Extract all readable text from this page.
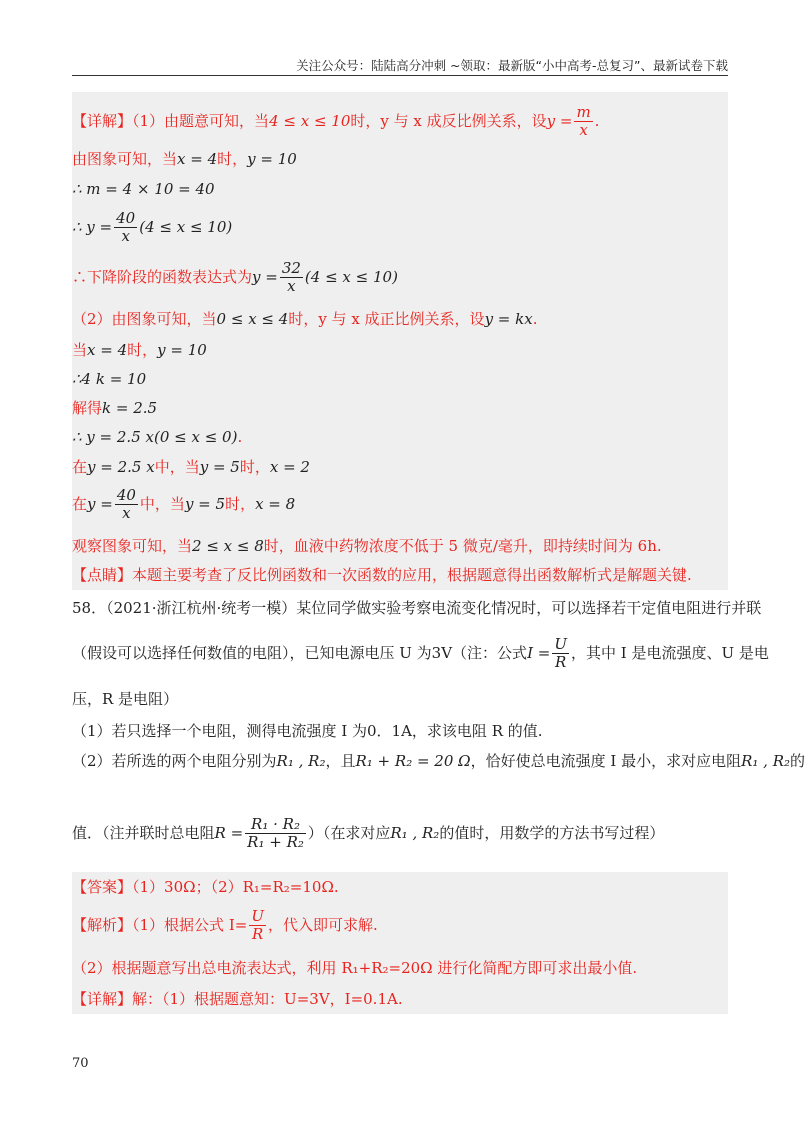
关注公众号：陆陆高分冲刺 ~领取：最新版“小中高考-总复习”、最新试卷下载
【详解】（1）由题意可知，当4 ≤ x ≤ 10时，y 与 x 成反比例关系，设$y = \frac{m}{x}$ .
由图象可知，当x = 4时，y = 10
∴ m = 4 × 10 = 40
∴ $y = \frac{40}{x} (4 \le x \le 10)$
∴下降阶段的函数表达式为$y = \frac{32}{x} (4 \le x \le 10)$
（2）由图象可知，当0 ≤ x ≤ 4时，y 与 x 成正比例关系，设y = kx.
当x = 4时，y = 10
∴4 k = 10
解得k = 2.5
∴ y = 2.5 x(0 ≤ x ≤ 0).
在y = 2.5 x中，当y = 5时，x = 2
在$y = \frac{40}{x}$ 中，当y = 5时，x = 8
观察图象可知，当2 ≤ x ≤ 8时，血液中药物浓度不低于 5 微克/毫升，即持续时间为 6h.
【点睛】本题主要考查了反比例函数和一次函数的应用，根据题意得出函数解析式是解题关键.
58．（2021·浙江杭州·统考一模）某位同学做实验考察电流变化情况时，可以选择若干定值电阻进行并联
（假设可以选择任何数值的电阻），已知电源电压 U 为3V（注：公式$I = \frac{U}{R}$ ，其中 I 是电流强度、U 是电
压，R 是电阻）
（1）若只选择一个电阻，测得电流强度 I 为0．1A，求该电阻 R 的值.
（2）若所选的两个电阻分别为R₁ , R₂，且R₁ + R₂ = 20 Ω，恰好使总电流强度 I 最小，求对应电阻R₁ , R₂的
值．（注并联时总电阻$R = \frac{\text{R₁ · R₂}}{\text{R₁ + R₂}}$ ）（在求对应R₁ , R₂的值时，用数学的方法书写过程）
【答案】（1）30Ω；（2）R₁=R₂=10Ω.
【解析】（1）根据公式 $I= \frac{U}{R}$ ，代入即可求解.
（2）根据题意写出总电流表达式，利用 R₁+R₂=20Ω 进行化简配方即可求出最小值.
【详解】解：（1）根据题意知：U=3V，I=0.1A.
70
